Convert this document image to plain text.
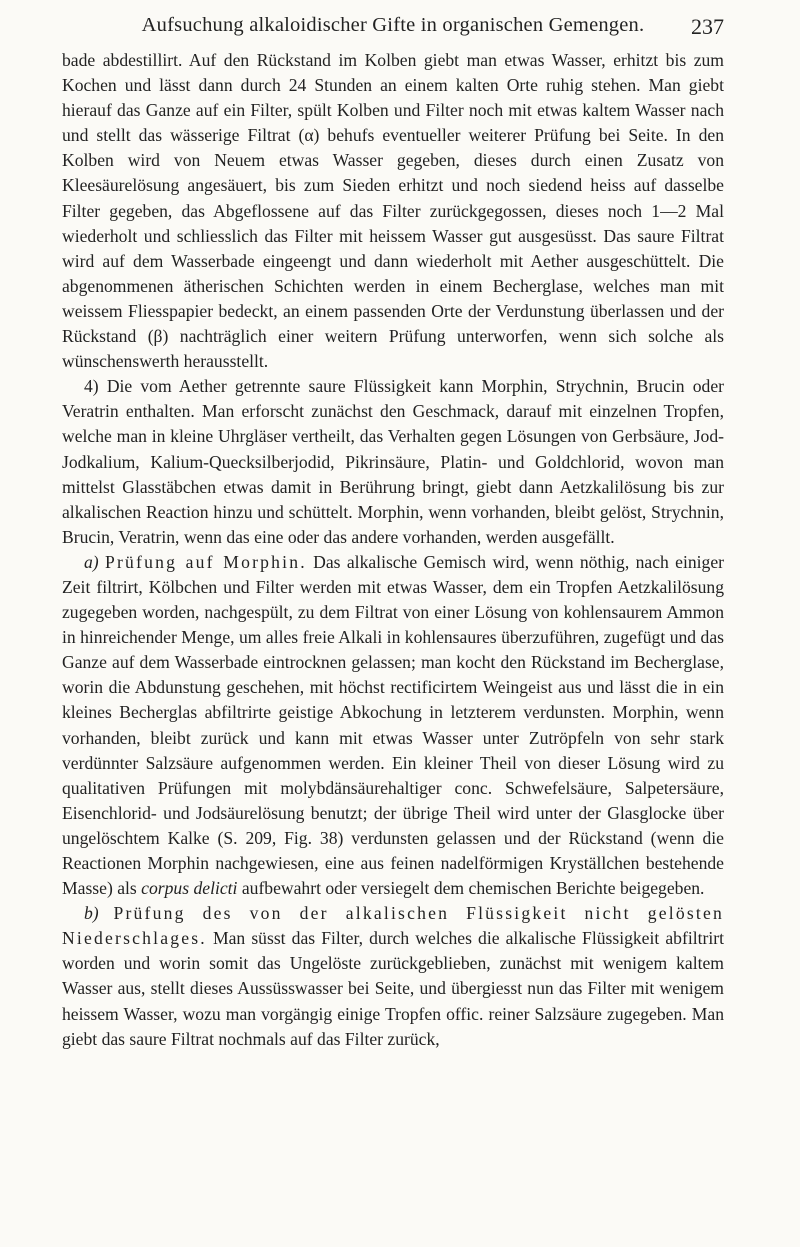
Aufsuchung alkaloidischer Gifte in organischen Gemengen. 237

bade abdestillirt. Auf den Rückstand im Kolben giebt man etwas Wasser, erhitzt bis zum Kochen und lässt dann durch 24 Stunden an einem kalten Orte ruhig stehen. Man giebt hierauf das Ganze auf ein Filter, spült Kolben und Filter noch mit etwas kaltem Wasser nach und stellt das wässerige Filtrat (α) behufs eventueller weiterer Prüfung bei Seite. In den Kolben wird von Neuem etwas Wasser gegeben, dieses durch einen Zusatz von Kleesäurelösung angesäuert, bis zum Sieden erhitzt und noch siedend heiss auf dasselbe Filter gegeben, das Abgeflossene auf das Filter zurückgegossen, dieses noch 1—2 Mal wiederholt und schliesslich das Filter mit heissem Wasser gut ausgesüsst. Das saure Filtrat wird auf dem Wasserbade eingeengt und dann wiederholt mit Aether ausgeschüttelt. Die abgenommenen ätherischen Schichten werden in einem Becherglase, welches man mit weissem Fliesspapier bedeckt, an einem passenden Orte der Verdunstung überlassen und der Rückstand (β) nachträglich einer weitern Prüfung unterworfen, wenn sich solche als wünschenswerth herausstellt.

4) Die vom Aether getrennte saure Flüssigkeit kann Morphin, Strychnin, Brucin oder Veratrin enthalten. Man erforscht zunächst den Geschmack, darauf mit einzelnen Tropfen, welche man in kleine Uhrgläser vertheilt, das Verhalten gegen Lösungen von Gerbsäure, Jod-Jodkalium, Kalium-Quecksilberjodid, Pikrinsäure, Platin- und Goldchlorid, wovon man mittelst Glasstäbchen etwas damit in Berührung bringt, giebt dann Aetzkalilösung bis zur alkalischen Reaction hinzu und schüttelt. Morphin, wenn vorhanden, bleibt gelöst, Strychnin, Brucin, Veratrin, wenn das eine oder das andere vorhanden, werden ausgefällt.

a) Prüfung auf Morphin. Das alkalische Gemisch wird, wenn nöthig, nach einiger Zeit filtrirt, Kölbchen und Filter werden mit etwas Wasser, dem ein Tropfen Aetzkalilösung zugegeben worden, nachgespült, zu dem Filtrat von einer Lösung von kohlensaurem Ammon in hinreichender Menge, um alles freie Alkali in kohlensaures überzuführen, zugefügt und das Ganze auf dem Wasserbade eintrocknen gelassen; man kocht den Rückstand im Becherglase, worin die Abdunstung geschehen, mit höchst rectificirtem Weingeist aus und lässt die in ein kleines Becherglas abfiltrirte geistige Abkochung in letzterem verdunsten. Morphin, wenn vorhanden, bleibt zurück und kann mit etwas Wasser unter Zutröpfeln von sehr stark verdünnter Salzsäure aufgenommen werden. Ein kleiner Theil von dieser Lösung wird zu qualitativen Prüfungen mit molybdänsäurehaltiger conc. Schwefelsäure, Salpetersäure, Eisenchlorid- und Jodsäurelösung benutzt; der übrige Theil wird unter der Glasglocke über ungelöschtem Kalke (S. 209, Fig. 38) verdunsten gelassen und der Rückstand (wenn die Reactionen Morphin nachgewiesen, eine aus feinen nadelförmigen Kryställchen bestehende Masse) als corpus delicti aufbewahrt oder versiegelt dem chemischen Berichte beigegeben.

b) Prüfung des von der alkalischen Flüssigkeit nicht gelösten Niederschlages. Man süsst das Filter, durch welches die alkalische Flüssigkeit abfiltrirt worden und worin somit das Ungelöste zurückgeblieben, zunächst mit wenigem kaltem Wasser aus, stellt dieses Aussüsswasser bei Seite, und übergiesst nun das Filter mit wenigem heissem Wasser, wozu man vorgängig einige Tropfen offic. reiner Salzsäure zugegeben. Man giebt das saure Filtrat nochmals auf das Filter zurück,
